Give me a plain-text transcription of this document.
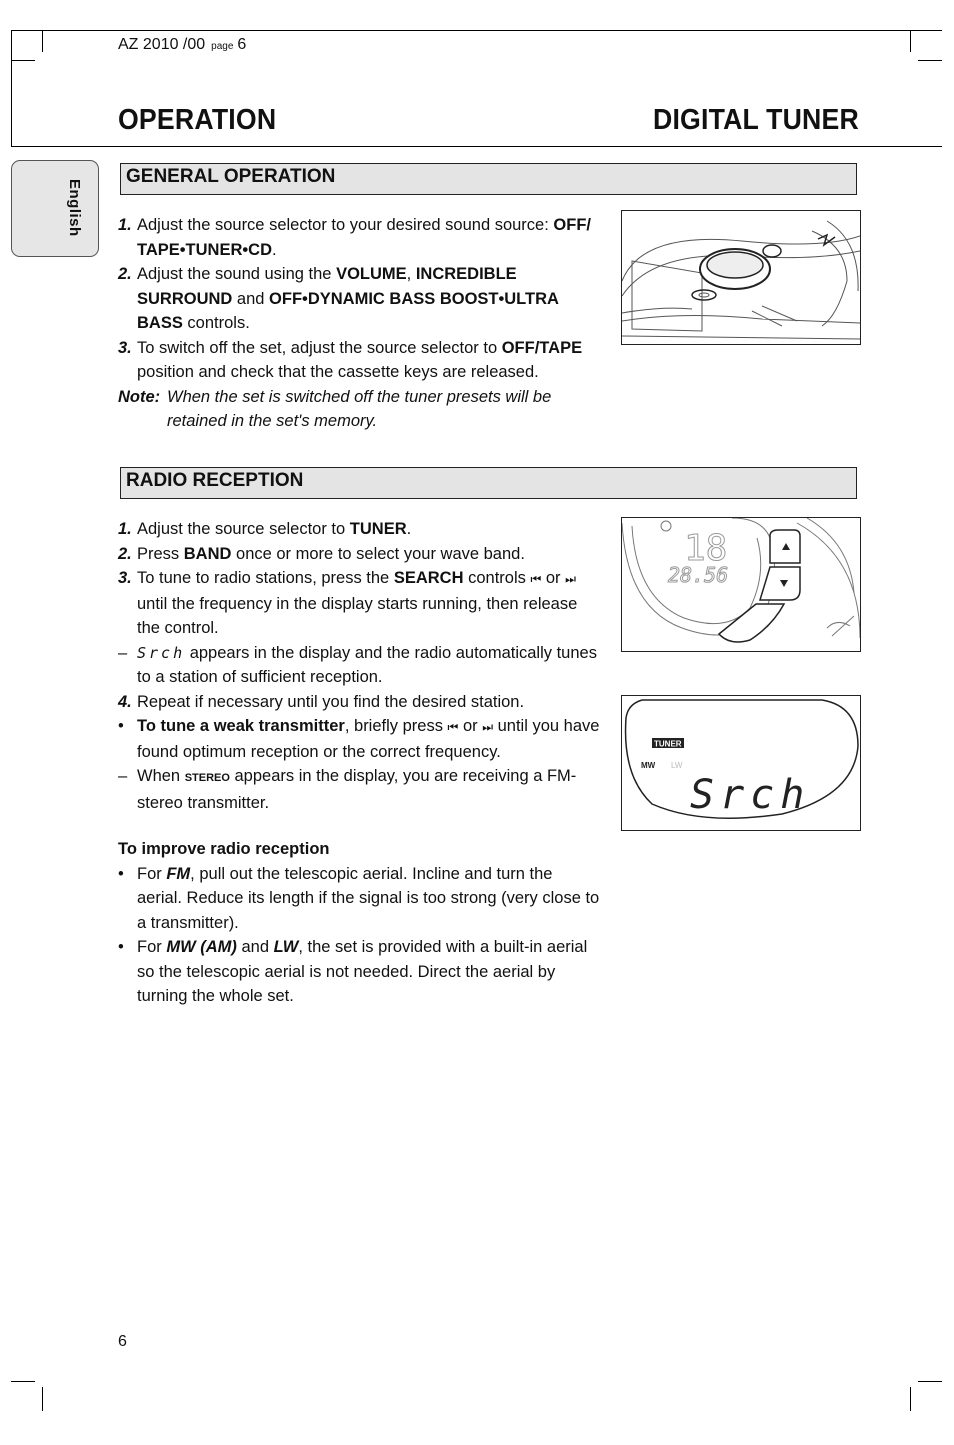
AZ 2010 /00 page 6
OPERATION	DIGITAL TUNER
English
GENERAL OPERATION
1. Adjust the source selector to your desired sound source: OFF/ TAPE•TUNER•CD.
2. Adjust the sound using the VOLUME, INCREDIBLE SURROUND and OFF•DYNAMIC BASS BOOST•ULTRA BASS controls.
3. To switch off the set, adjust the source selector to OFF/TAPE position and check that the cassette keys are released.
Note: When the set is switched off the tuner presets will be retained in the set's memory.
RADIO RECEPTION
1. Adjust the source selector to TUNER.
2. Press BAND once or more to select your wave band.
3. To tune to radio stations, press the SEARCH controls ⏮ or ⏭ until the frequency in the display starts running, then release the control.
– Srch appears in the display and the radio automatically tunes to a station of sufficient reception.
4. Repeat if necessary until you find the desired station.
• To tune a weak transmitter, briefly press ⏮ or ⏭ until you have found optimum reception or the correct frequency.
– When STEREO appears in the display, you are receiving a FM-stereo transmitter.
To improve radio reception
• For FM, pull out the telescopic aerial. Incline and turn the aerial. Reduce its length if the signal is too strong (very close to a transmitter).
• For MW (AM) and LW, the set is provided with a built-in aerial so the telescopic aerial is not needed. Direct the aerial by turning the whole set.
18
28.56
TUNER
MW LW
Srch
6
